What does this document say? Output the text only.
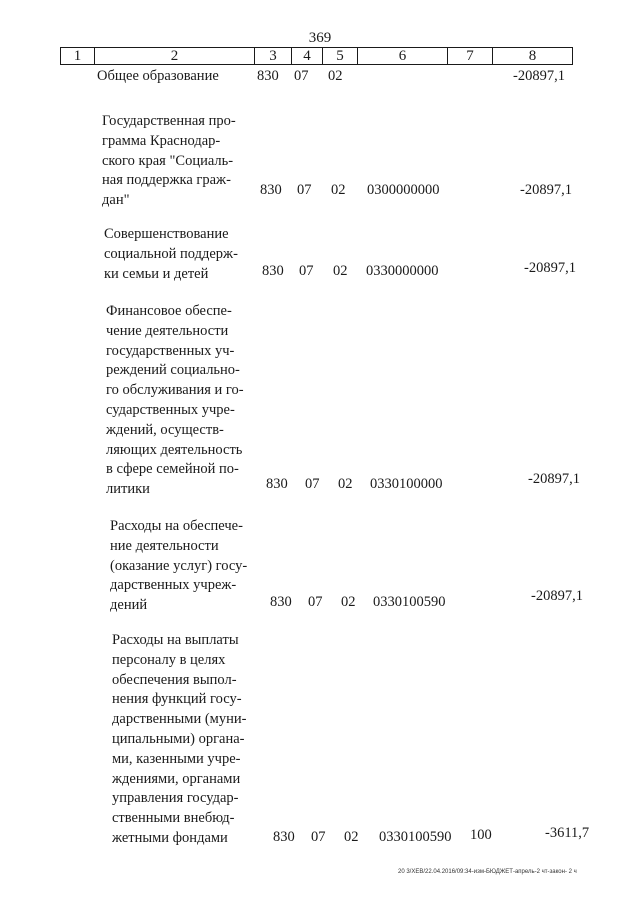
369
1	2	3	4	5	6	7	8
Общее образование	830 07 02	-20897,1
Государственная про-
грамма Краснодар-
ского края "Социаль-
ная поддержка граж-
дан"
830 07 02 0300000000	-20897,1
Совершенствование
социальной поддерж-
ки семьи и детей	830 07 02 0330000000	-20897,1
Финансовое обеспе-
чение деятельности
государственных уч-
реждений социально-
го обслуживания и го-
сударственных учре-
ждений, осуществ-
ляющих деятельность
в сфере семейной по-
литики	830 07 02 0330100000	-20897,1
Расходы на обеспече-
ние деятельности
(оказание услуг) госу-
дарственных учреж-
дений	830 07 02 0330100590	-20897,1
Расходы на выплаты
персоналу в целях
обеспечения выпол-
нения функций госу-
дарственными (муни-
ципальными) органа-
ми, казенными учре-
ждениями, органами
управления государ-
ственными внебюд-
жетными фондами	830 07 02 0330100590 100	-3611,7
20 3/ХЕВ/22.04.2016/09:34-изм-БЮДЖЕТ-апрель-2 чт-закон- 2 ч
